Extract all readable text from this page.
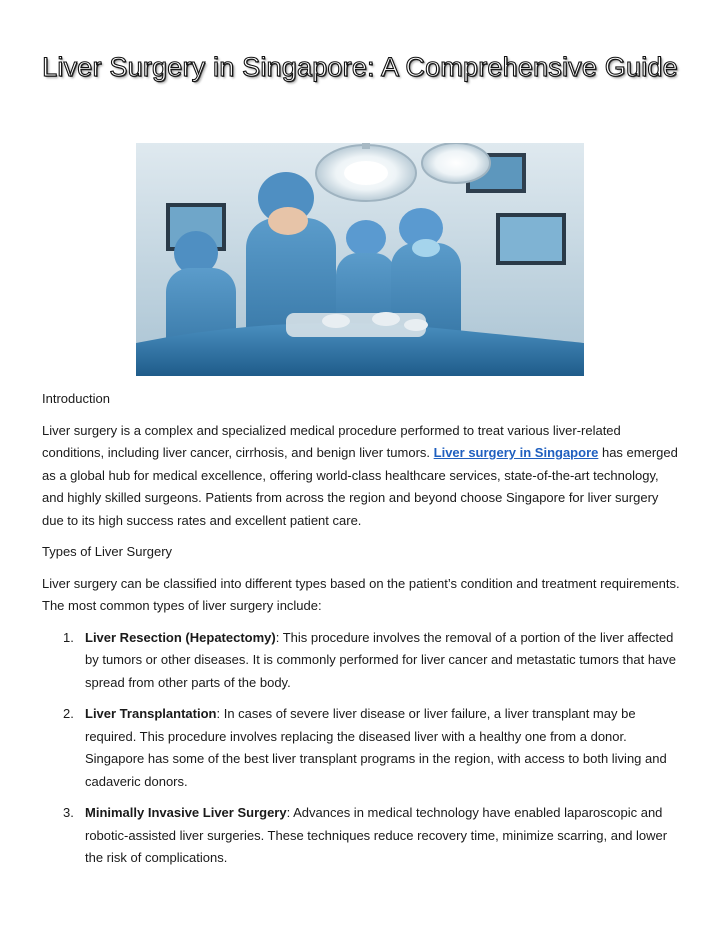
Liver Surgery in Singapore: A Comprehensive Guide

Introduction

Liver surgery is a complex and specialized medical procedure performed to treat various liver-related conditions, including liver cancer, cirrhosis, and benign liver tumors. Liver surgery in Singapore has emerged as a global hub for medical excellence, offering world-class healthcare services, state-of-the-art technology, and highly skilled surgeons. Patients from across the region and beyond choose Singapore for liver surgery due to its high success rates and excellent patient care.

Types of Liver Surgery

Liver surgery can be classified into different types based on the patient’s condition and treatment requirements. The most common types of liver surgery include:

1. Liver Resection (Hepatectomy): This procedure involves the removal of a portion of the liver affected by tumors or other diseases. It is commonly performed for liver cancer and metastatic tumors that have spread from other parts of the body.
2. Liver Transplantation: In cases of severe liver disease or liver failure, a liver transplant may be required. This procedure involves replacing the diseased liver with a healthy one from a donor. Singapore has some of the best liver transplant programs in the region, with access to both living and cadaveric donors.
3. Minimally Invasive Liver Surgery: Advances in medical technology have enabled laparoscopic and robotic-assisted liver surgeries. These techniques reduce recovery time, minimize scarring, and lower the risk of complications.
